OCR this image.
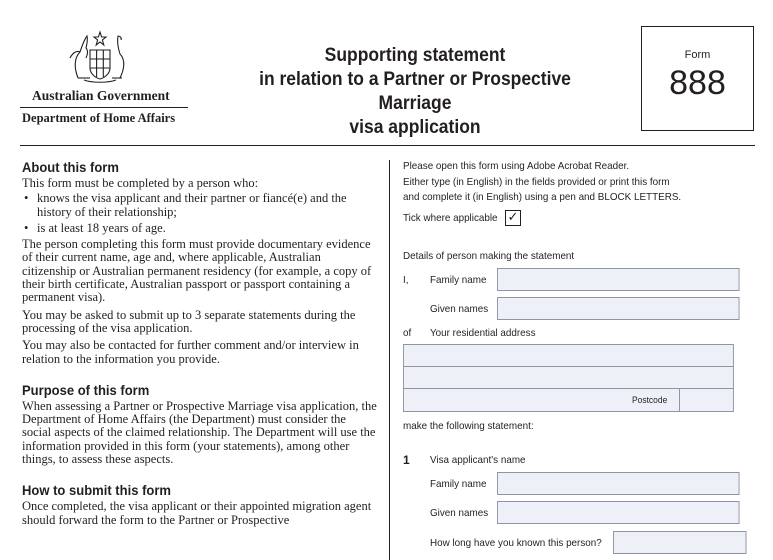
Australian Government
Department of Home Affairs
Supporting statement
in relation to a Partner or Prospective Marriage
visa application
Form
888
About this form

This form must be completed by a person who:

• knows the visa applicant and their partner or fiancé(e) and the history of their relationship;
• is at least 18 years of age.

The person completing this form must provide documentary evidence of their current name, age and, where applicable, Australian citizenship or Australian permanent residency (for example, a copy of their birth certificate, Australian passport or passport containing a permanent visa).

You may be asked to submit up to 3 separate statements during the processing of the visa application.

You may also be contacted for further comment and/or interview in relation to the information you provide.

Purpose of this form

When assessing a Partner or Prospective Marriage visa application, the Department of Home Affairs (the Department) must consider the social aspects of the claimed relationship. The Department will use the information provided in this form (your statements), among other things, to assess these aspects.

How to submit this form

Once completed, the visa applicant or their appointed migration agent should forward the form to the Partner or Prospective

Please open this form using Adobe Acrobat Reader.
Either type (in English) in the fields provided or print this form
and complete it (in English) using a pen and BLOCK LETTERS.
Tick where applicable ✓
Details of person making the statement
I, Family name
Given names
of Your residential address
Postcode
make the following statement:
1 Visa applicant's name
Family name
Given names
How long have you known this person?
